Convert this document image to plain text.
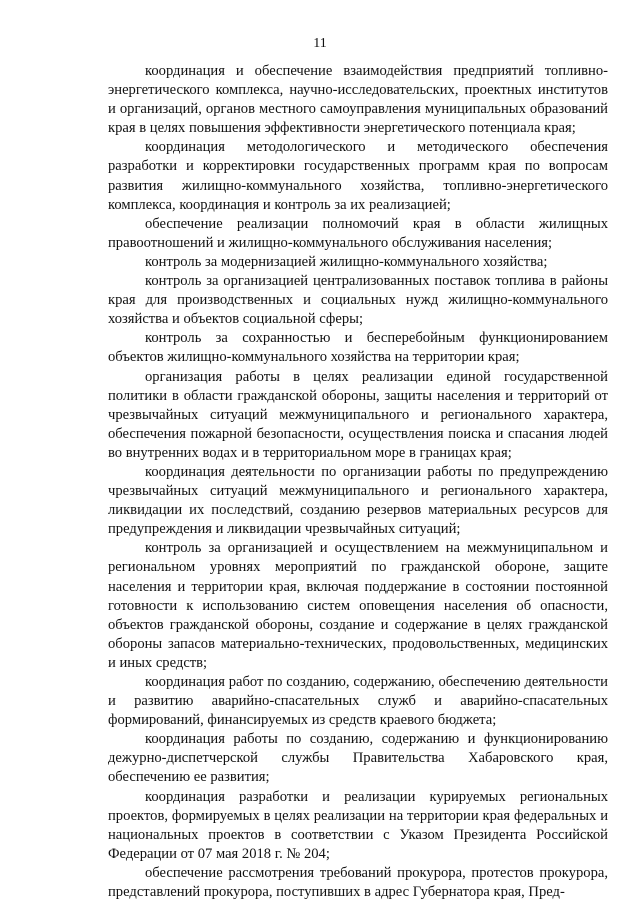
11

координация и обеспечение взаимодействия предприятий топливно-энергетического комплекса, научно-исследовательских, проектных институтов и организаций, органов местного самоуправления муниципальных образований края в целях повышения эффективности энергетического потенциала края;

координация методологического и методического обеспечения разработки и корректировки государственных программ края по вопросам развития жилищно-коммунального хозяйства, топливно-энергетического комплекса, координация и контроль за их реализацией;

обеспечение реализации полномочий края в области жилищных правоотношений и жилищно-коммунального обслуживания населения;

контроль за модернизацией жилищно-коммунального хозяйства;

контроль за организацией централизованных поставок топлива в районы края для производственных и социальных нужд жилищно-коммунального хозяйства и объектов социальной сферы;

контроль за сохранностью и бесперебойным функционированием объектов жилищно-коммунального хозяйства на территории края;

организация работы в целях реализации единой государственной политики в области гражданской обороны, защиты населения и территорий от чрезвычайных ситуаций межмуниципального и регионального характера, обеспечения пожарной безопасности, осуществления поиска и спасания людей во внутренних водах и в территориальном море в границах края;

координация деятельности по организации работы по предупреждению чрезвычайных ситуаций межмуниципального и регионального характера, ликвидации их последствий, созданию резервов материальных ресурсов для предупреждения и ликвидации чрезвычайных ситуаций;

контроль за организацией и осуществлением на межмуниципальном и региональном уровнях мероприятий по гражданской обороне, защите населения и территории края, включая поддержание в состоянии постоянной готовности к использованию систем оповещения населения об опасности, объектов гражданской обороны, создание и содержание в целях гражданской обороны запасов материально-технических, продовольственных, медицинских и иных средств;

координация работ по созданию, содержанию, обеспечению деятельности и развитию аварийно-спасательных служб и аварийно-спасательных формирований, финансируемых из средств краевого бюджета;

координация работы по созданию, содержанию и функционированию дежурно-диспетчерской службы Правительства Хабаровского края, обеспечению ее развития;

координация разработки и реализации курируемых региональных проектов, формируемых в целях реализации на территории края федеральных и национальных проектов в соответствии с Указом Президента Российской Федерации от 07 мая 2018 г. № 204;

обеспечение рассмотрения требований прокурора, протестов прокурора, представлений прокурора, поступивших в адрес Губернатора края, Пред-
